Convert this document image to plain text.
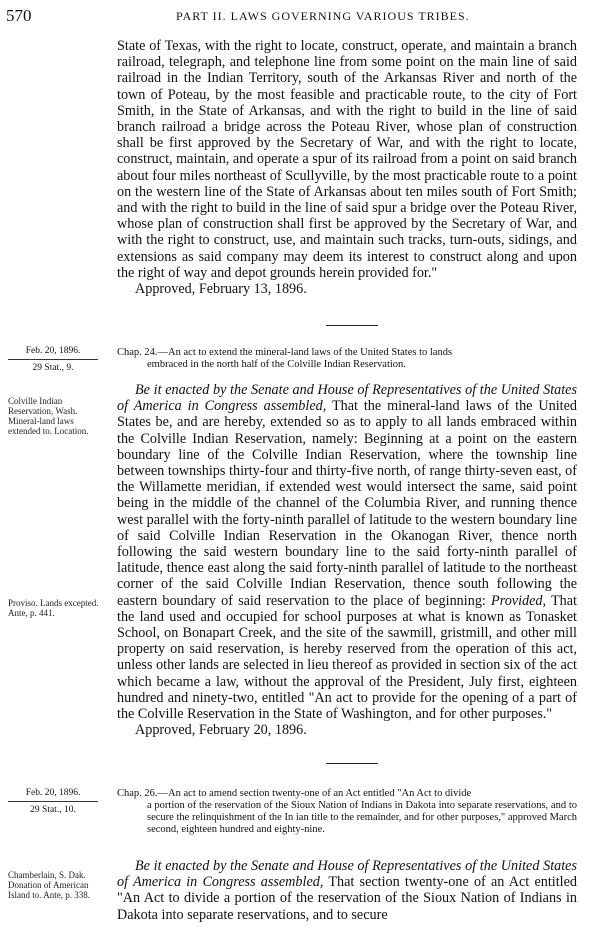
570	PART II. LAWS GOVERNING VARIOUS TRIBES.
State of Texas, with the right to locate, construct, operate, and maintain a branch railroad, telegraph, and telephone line from some point on the main line of said railroad in the Indian Territory, south of the Arkansas River and north of the town of Poteau, by the most feasible and practicable route, to the city of Fort Smith, in the State of Arkansas, and with the right to build in the line of said branch railroad a bridge across the Poteau River, whose plan of construction shall be first approved by the Secretary of War, and with the right to locate, construct, maintain, and operate a spur of its railroad from a point on said branch about four miles northeast of Scullyville, by the most practicable route to a point on the western line of the State of Arkansas about ten miles south of Fort Smith; and with the right to build in the line of said spur a bridge over the Poteau River, whose plan of construction shall first be approved by the Secretary of War, and with the right to construct, use, and maintain such tracks, turn-outs, sidings, and extensions as said company may deem its interest to construct along and upon the right of way and depot grounds herein provided for."
Approved, February 13, 1896.
Feb. 20, 1896.
29 Stat., 9.
Chap. 24.—An act to extend the mineral-land laws of the United States to lands
embraced in the north half of the Colville Indian Reservation.
Colville Indian Reservation, Wash. Mineral-land laws extended to. Location.
Proviso. Lands excepted. Ante, p. 441.
Be it enacted by the Senate and House of Representatives of the United States of America in Congress assembled, That the mineral-land laws of the United States be, and are hereby, extended so as to apply to all lands embraced within the Colville Indian Reservation, namely: Beginning at a point on the eastern boundary line of the Colville Indian Reservation, where the township line between townships thirty-four and thirty-five north, of range thirty-seven east, of the Willamette meridian, if extended west would intersect the same, said point being in the middle of the channel of the Columbia River, and running thence west parallel with the forty-ninth parallel of latitude to the western boundary line of said Colville Indian Reservation in the Okanogan River, thence north following the said western boundary line to the said forty-ninth parallel of latitude, thence east along the said forty-ninth parallel of latitude to the northeast corner of the said Colville Indian Reservation, thence south following the eastern boundary of said reservation to the place of beginning: Provided, That the land used and occupied for school purposes at what is known as Tonasket School, on Bonapart Creek, and the site of the sawmill, gristmill, and other mill property on said reservation, is hereby reserved from the operation of this act, unless other lands are selected in lieu thereof as provided in section six of the act which became a law, without the approval of the President, July first, eighteen hundred and ninety-two, entitled "An act to provide for the opening of a part of the Colville Reservation in the State of Washington, and for other purposes."
Approved, February 20, 1896.
Feb. 20, 1896.
29 Stat., 10.
Chap. 26.—An act to amend section twenty-one of an Act entitled "An Act to divide
a portion of the reservation of the Sioux Nation of Indians in Dakota into separate reservations, and to secure the relinquishment of the In ian title to the remainder, and for other purposes," approved March second, eighteen hundred and eighty-nine.
Chamberlain, S. Dak. Donation of American Island to. Ante, p. 338.
Be it enacted by the Senate and House of Representatives of the United States of America in Congress assembled, That section twenty-one of an Act entitled "An Act to divide a portion of the reservation of the Sioux Nation of Indians in Dakota into separate reservations, and to secure
